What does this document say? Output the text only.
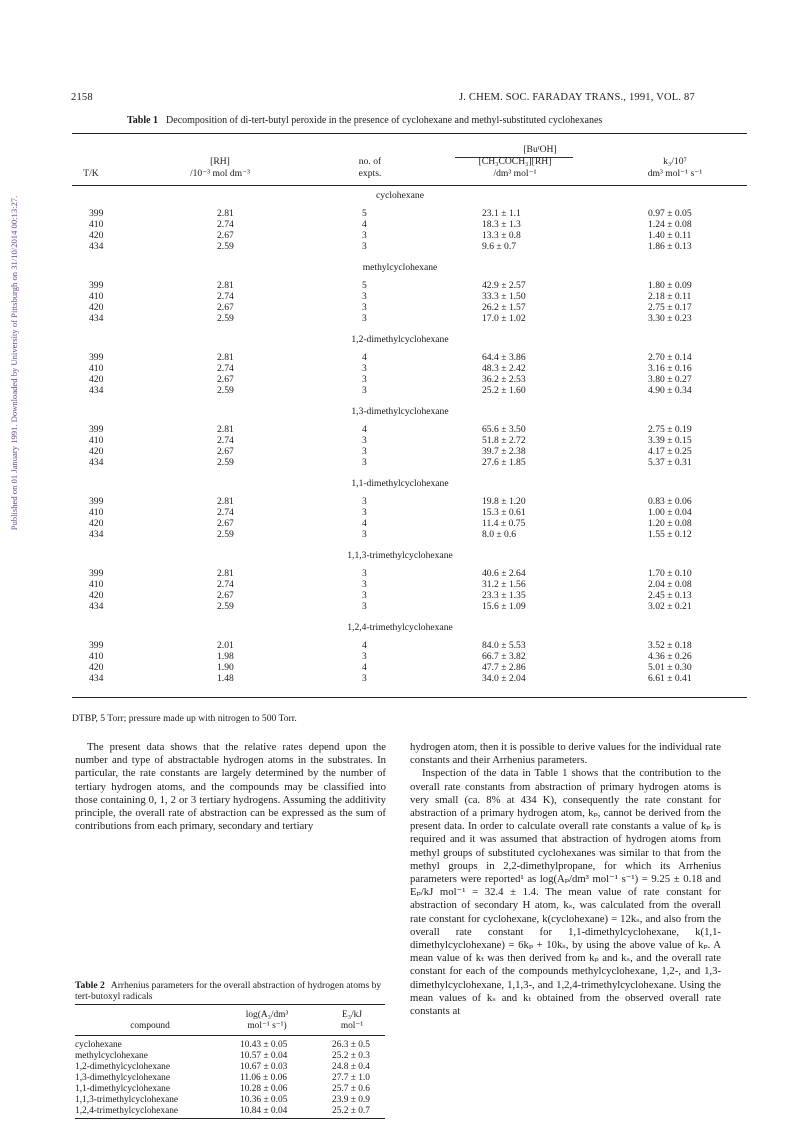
Published on 01 January 1991. Downloaded by University of Pittsburgh on 31/10/2014 00:13:27.
2158	J. CHEM. SOC. FARADAY TRANS., 1991, VOL. 87
Table 1 Decomposition of di-tert-butyl peroxide in the presence of cyclohexane and methyl-substituted cyclohexanes
[BuᵗOH]
[RH]	no. of	[CH₃COCH₃][RH]	k₃/10⁷
T/K	/10⁻³ mol dm⁻³	expts.	/dm³ mol⁻¹	dm³ mol⁻¹ s⁻¹
cyclohexane
399	2.81	5	23.1 ± 1.1	0.97 ± 0.05
410	2.74	4	18.3 ± 1.3	1.24 ± 0.08
420	2.67	3	13.3 ± 0.8	1.40 ± 0.11
434	2.59	3	9.6 ± 0.7	1.86 ± 0.13
methylcyclohexane
399	2.81	5	42.9 ± 2.57	1.80 ± 0.09
410	2.74	3	33.3 ± 1.50	2.18 ± 0.11
420	2.67	3	26.2 ± 1.57	2.75 ± 0.17
434	2.59	3	17.0 ± 1.02	3.30 ± 0.23
1,2-dimethylcyclohexane
399	2.81	4	64.4 ± 3.86	2.70 ± 0.14
410	2.74	3	48.3 ± 2.42	3.16 ± 0.16
420	2.67	3	36.2 ± 2.53	3.80 ± 0.27
434	2.59	3	25.2 ± 1.60	4.90 ± 0.34
1,3-dimethylcyclohexane
399	2.81	4	65.6 ± 3.50	2.75 ± 0.19
410	2.74	3	51.8 ± 2.72	3.39 ± 0.15
420	2.67	3	39.7 ± 2.38	4.17 ± 0.25
434	2.59	3	27.6 ± 1.85	5.37 ± 0.31
1,1-dimethylcyclohexane
399	2.81	3	19.8 ± 1.20	0.83 ± 0.06
410	2.74	3	15.3 ± 0.61	1.00 ± 0.04
420	2.67	4	11.4 ± 0.75	1.20 ± 0.08
434	2.59	3	8.0 ± 0.6	1.55 ± 0.12
1,1,3-trimethylcyclohexane
399	2.81	3	40.6 ± 2.64	1.70 ± 0.10
410	2.74	3	31.2 ± 1.56	2.04 ± 0.08
420	2.67	3	23.3 ± 1.35	2.45 ± 0.13
434	2.59	3	15.6 ± 1.09	3.02 ± 0.21
1,2,4-trimethylcyclohexane
399	2.01	4	84.0 ± 5.53	3.52 ± 0.18
410	1.98	3	66.7 ± 3.82	4.36 ± 0.26
420	1.90	4	47.7 ± 2.86	5.01 ± 0.30
434	1.48	3	34.0 ± 2.04	6.61 ± 0.41
DTBP, 5 Torr; pressure made up with nitrogen to 500 Torr.
The present data shows that the relative rates depend upon the number and type of abstractable hydrogen atoms in the substrates. In particular, the rate constants are largely determined by the number of tertiary hydrogen atoms, and the compounds may be classified into those containing 0, 1, 2 or 3 tertiary hydrogens. Assuming the additivity principle, the overall rate of abstraction can be expressed as the sum of contributions from each primary, secondary and tertiary
hydrogen atom, then it is possible to derive values for the individual rate constants and their Arrhenius parameters.
Inspection of the data in Table 1 shows that the contribution to the overall rate constants from abstraction of primary hydrogen atoms is very small (ca. 8% at 434 K), consequently the rate constant for abstraction of a primary hydrogen atom, kₚ, cannot be derived from the present data. In order to calculate overall rate constants a value of kₚ is required and it was assumed that abstraction of hydrogen atoms from methyl groups of substituted cyclohexanes was similar to that from the methyl groups in 2,2-dimethylpropane, for which its Arrhenius parameters were reported¹ as log(Aₚ/dm³ mol⁻¹ s⁻¹) = 9.25 ± 0.18 and Eₚ/kJ mol⁻¹ = 32.4 ± 1.4. The mean value of rate constant for abstraction of secondary H atom, kₛ, was calculated from the overall rate constant for cyclohexane, k(cyclohexane) = 12kₛ, and also from the overall rate constant for 1,1-dimethylcyclohexane, k(1,1-dimethylcyclohexane) = 6kₚ + 10kₛ, by using the above value of kₚ. A mean value of kₜ was then derived from kₚ and kₛ, and the overall rate constant for each of the compounds methylcyclohexane, 1,2-, and 1,3-dimethylcyclohexane, 1,1,3-, and 1,2,4-trimethylcyclohexane. Using the mean values of kₛ and kₜ obtained from the observed overall rate constants at
Table 2 Arrhenius parameters for the overall abstraction of hydrogen atoms by tert-butoxyl radicals
log(A₃/dm³	E₃/kJ
compound	mol⁻¹ s⁻¹)	mol⁻¹
cyclohexane	10.43 ± 0.05	26.3 ± 0.5
methylcyclohexane	10.57 ± 0.04	25.2 ± 0.3
1,2-dimethylcyclohexane	10.67 ± 0.03	24.8 ± 0.4
1,3-dimethylcyclohexane	11.06 ± 0.06	27.7 ± 1.0
1,1-dimethylcyclohexane	10.28 ± 0.06	25.7 ± 0.6
1,1,3-trimethylcyclohexane	10.36 ± 0.05	23.9 ± 0.9
1,2,4-trimethylcyclohexane	10.84 ± 0.04	25.2 ± 0.7
